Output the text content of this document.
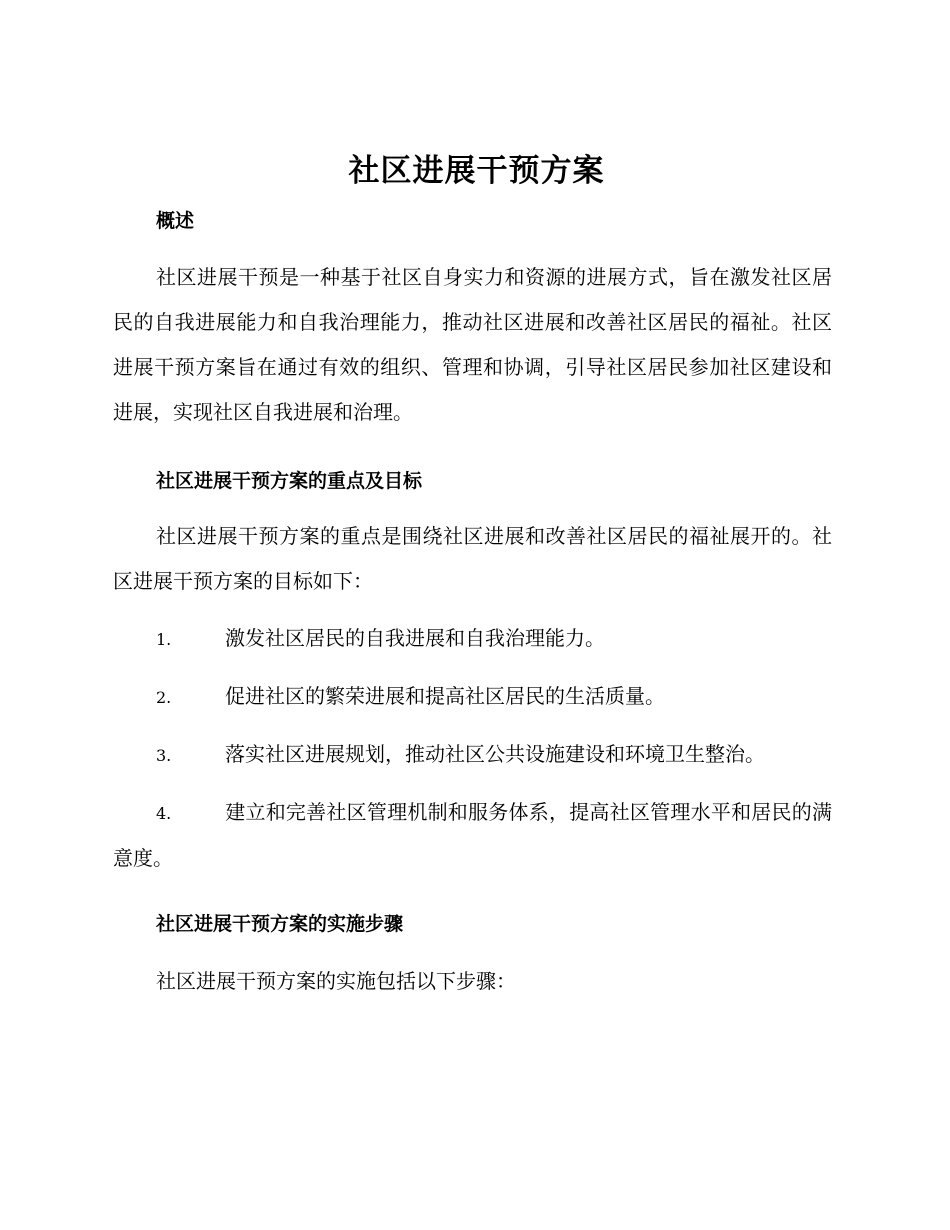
社区进展干预方案
概述

社区进展干预是一种基于社区自身实力和资源的进展方式，旨在激发社区居民的自我进展能力和自我治理能力，推动社区进展和改善社区居民的福祉。社区进展干预方案旨在通过有效的组织、管理和协调，引导社区居民参加社区建设和进展，实现社区自我进展和治理。

社区进展干预方案的重点及目标

社区进展干预方案的重点是围绕社区进展和改善社区居民的福祉展开的。社区进展干预方案的目标如下：

1.	激发社区居民的自我进展和自我治理能力。
2.	促进社区的繁荣进展和提高社区居民的生活质量。
3.	落实社区进展规划，推动社区公共设施建设和环境卫生整治。
4.	建立和完善社区管理机制和服务体系，提高社区管理水平和居民的满意度。
社区进展干预方案的实施步骤

社区进展干预方案的实施包括以下步骤：
